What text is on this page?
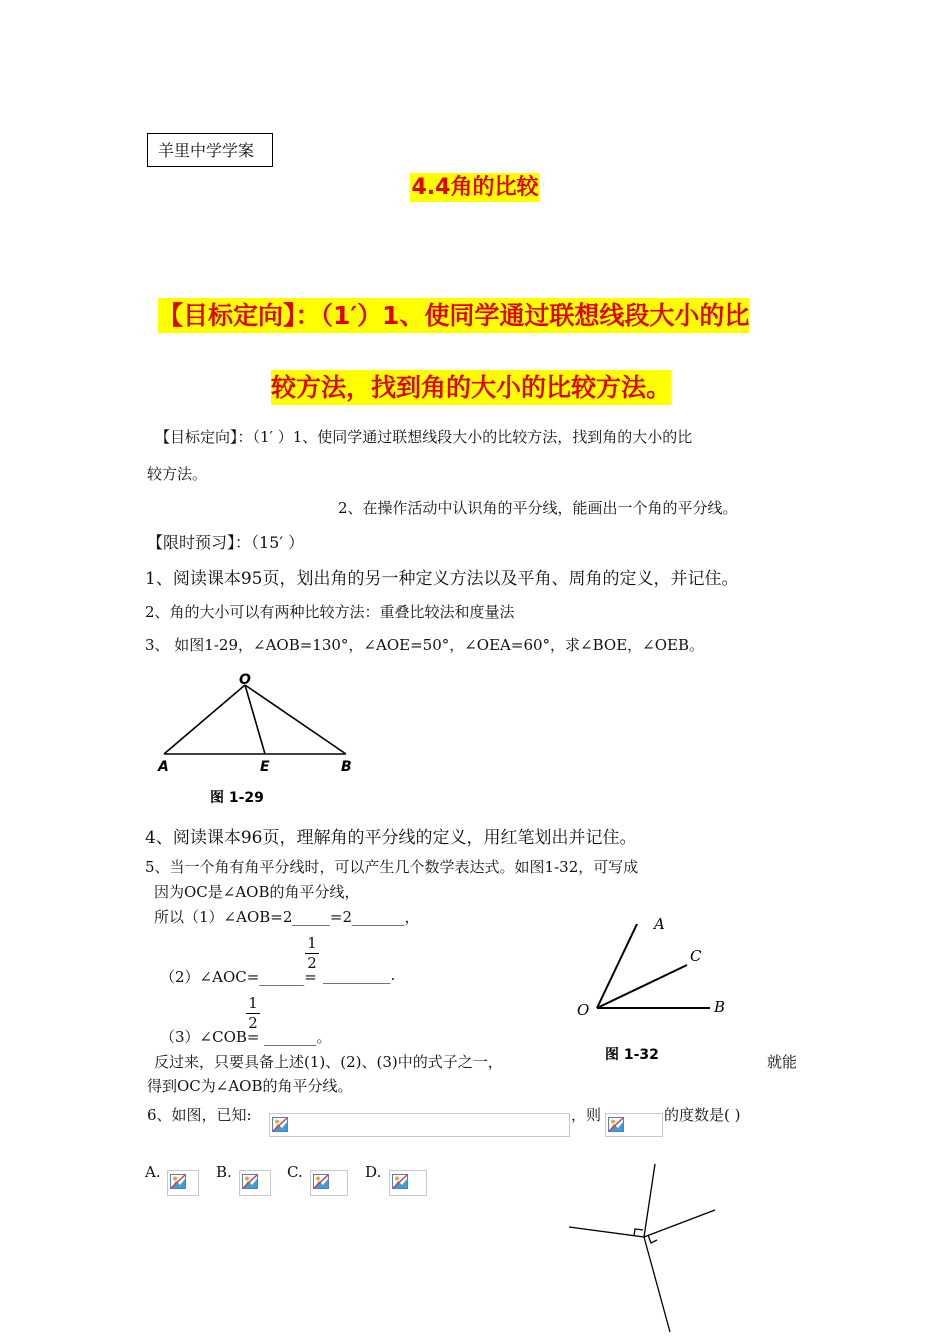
羊里中学学案
4.4角的比较
【目标定向】：（1′）1、使同学通过联想线段大小的比
较方法，找到角的大小的比较方法。
【目标定向】：（1′ ）1、使同学通过联想线段大小的比较方法，找到角的大小的比
较方法。
2、在操作活动中认识角的平分线，能画出一个角的平分线。
【限时预习】：（15′ ）
1、阅读课本95页，划出角的另一种定义方法以及平角、周角的定义，并记住。
2、角的大小可以有两种比较方法：重叠比较法和度量法
3、 如图1-29，∠AOB=130°，∠AOE=50°，∠OEA=60°，求∠BOE，∠OEB。
O
A	E	B
图 1-29
4、阅读课本96页，理解角的平分线的定义，用红笔划出并记住。
5、当一个角有角平分线时，可以产生几个数学表达式。如图1-32，可写成
因为OC是∠AOB的角平分线，
所以（1）∠AOB=2_____=2_______，
（2）∠AOC=______=
$\frac{1}{2}$
_________.
（3）∠COB=
$\frac{1}{2}$
_______。
反过来，只要具备上述(1)、(2)、(3)中的式子之一，	就能
得到OC为∠AOB的角平分线。
A
C
O	B
图 1-32
6、如图，已知:	，则	的度数是( )
A.	B.	C.	D.
